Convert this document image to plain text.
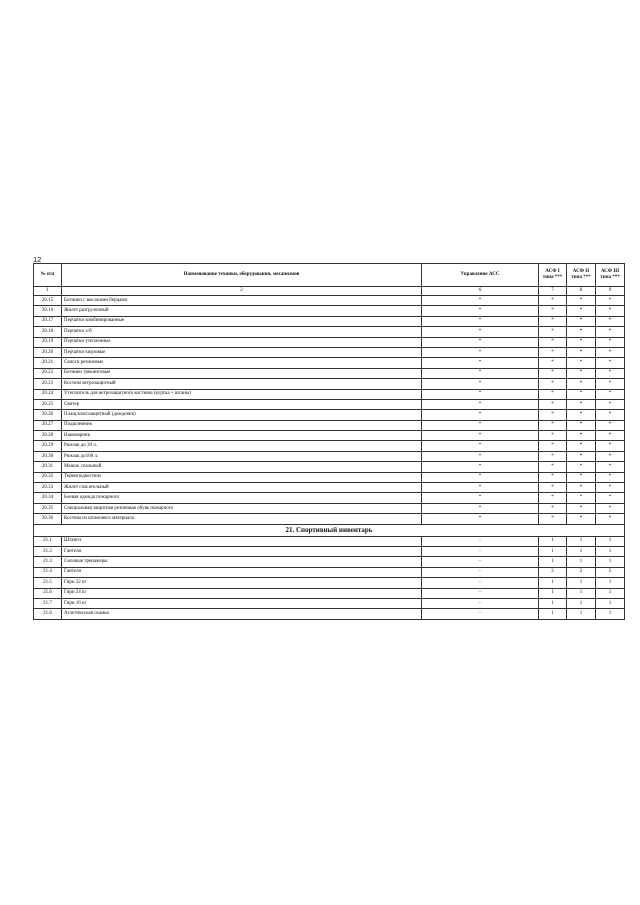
12
№ п/п	Наименование техники, оборудования, механизмов	Управление АСС	АСФ I типа ***	АСФ II типа ***	АСФ III типа ***
1	2	6	7	8	9
20.15	Ботинки с высокими берцами	*	*	*	*
20.16	Жилет разгрузочный	*	*	*	*
20.17	Перчатки комбинированные	*	*	*	*
20.18	Перчатки х/б	*	*	*	*
20.19	Перчатки утепленные	*	*	*	*
20.20	Перчатки кирзовые	*	*	*	*
20.21	Сапоги резиновые	*	*	*	*
20.22	Ботинки трекинговые	*	*	*	*
20.23	Костюм ветрозащитный	*	*	*	*
20.24	Утеплитель для ветрозащитного костюма (куртка + штаны)	*	*	*	*
20.25	Свитер	*	*	*	*
20.26	Плащ влагозащитный (дождевик)	*	*	*	*
20.27	Подшлемник	*	*	*	*
20.28	Накомарник	*	*	*	*
20.29	Рюкзак до 30 л.	*	*	*	*
20.30	Рюкзак до100 л.	*	*	*	*
20.31	Мешок спальный	*	*	*	*
20.32	Термоподкостюм	*	*	*	*
20.33	Жилет спасательный	*	*	*	*
20.34	Боевая одежда пожарного	*	*	*	*
20.35	Специальная защитная резиновая обувь пожарного	*	*	*	*
20.36	Костюм из штанового материала	*	*	*	*
21. Спортивный инвентарь					
21.1	Штанги	-	1	1	1
21.2	Гантели	-	1	1	1
21.3	Силовые тренажеры	-	1	1	1
21.4	Гантели	-	2	2	2
21.5	Гири 32 кг	-	1	1	1
21.6	Гири 24 кг	-	1	1	1
21.7	Гири 16 кг	-	1	1	1
21.8	Атлетическая скамья	-	1	1	1
